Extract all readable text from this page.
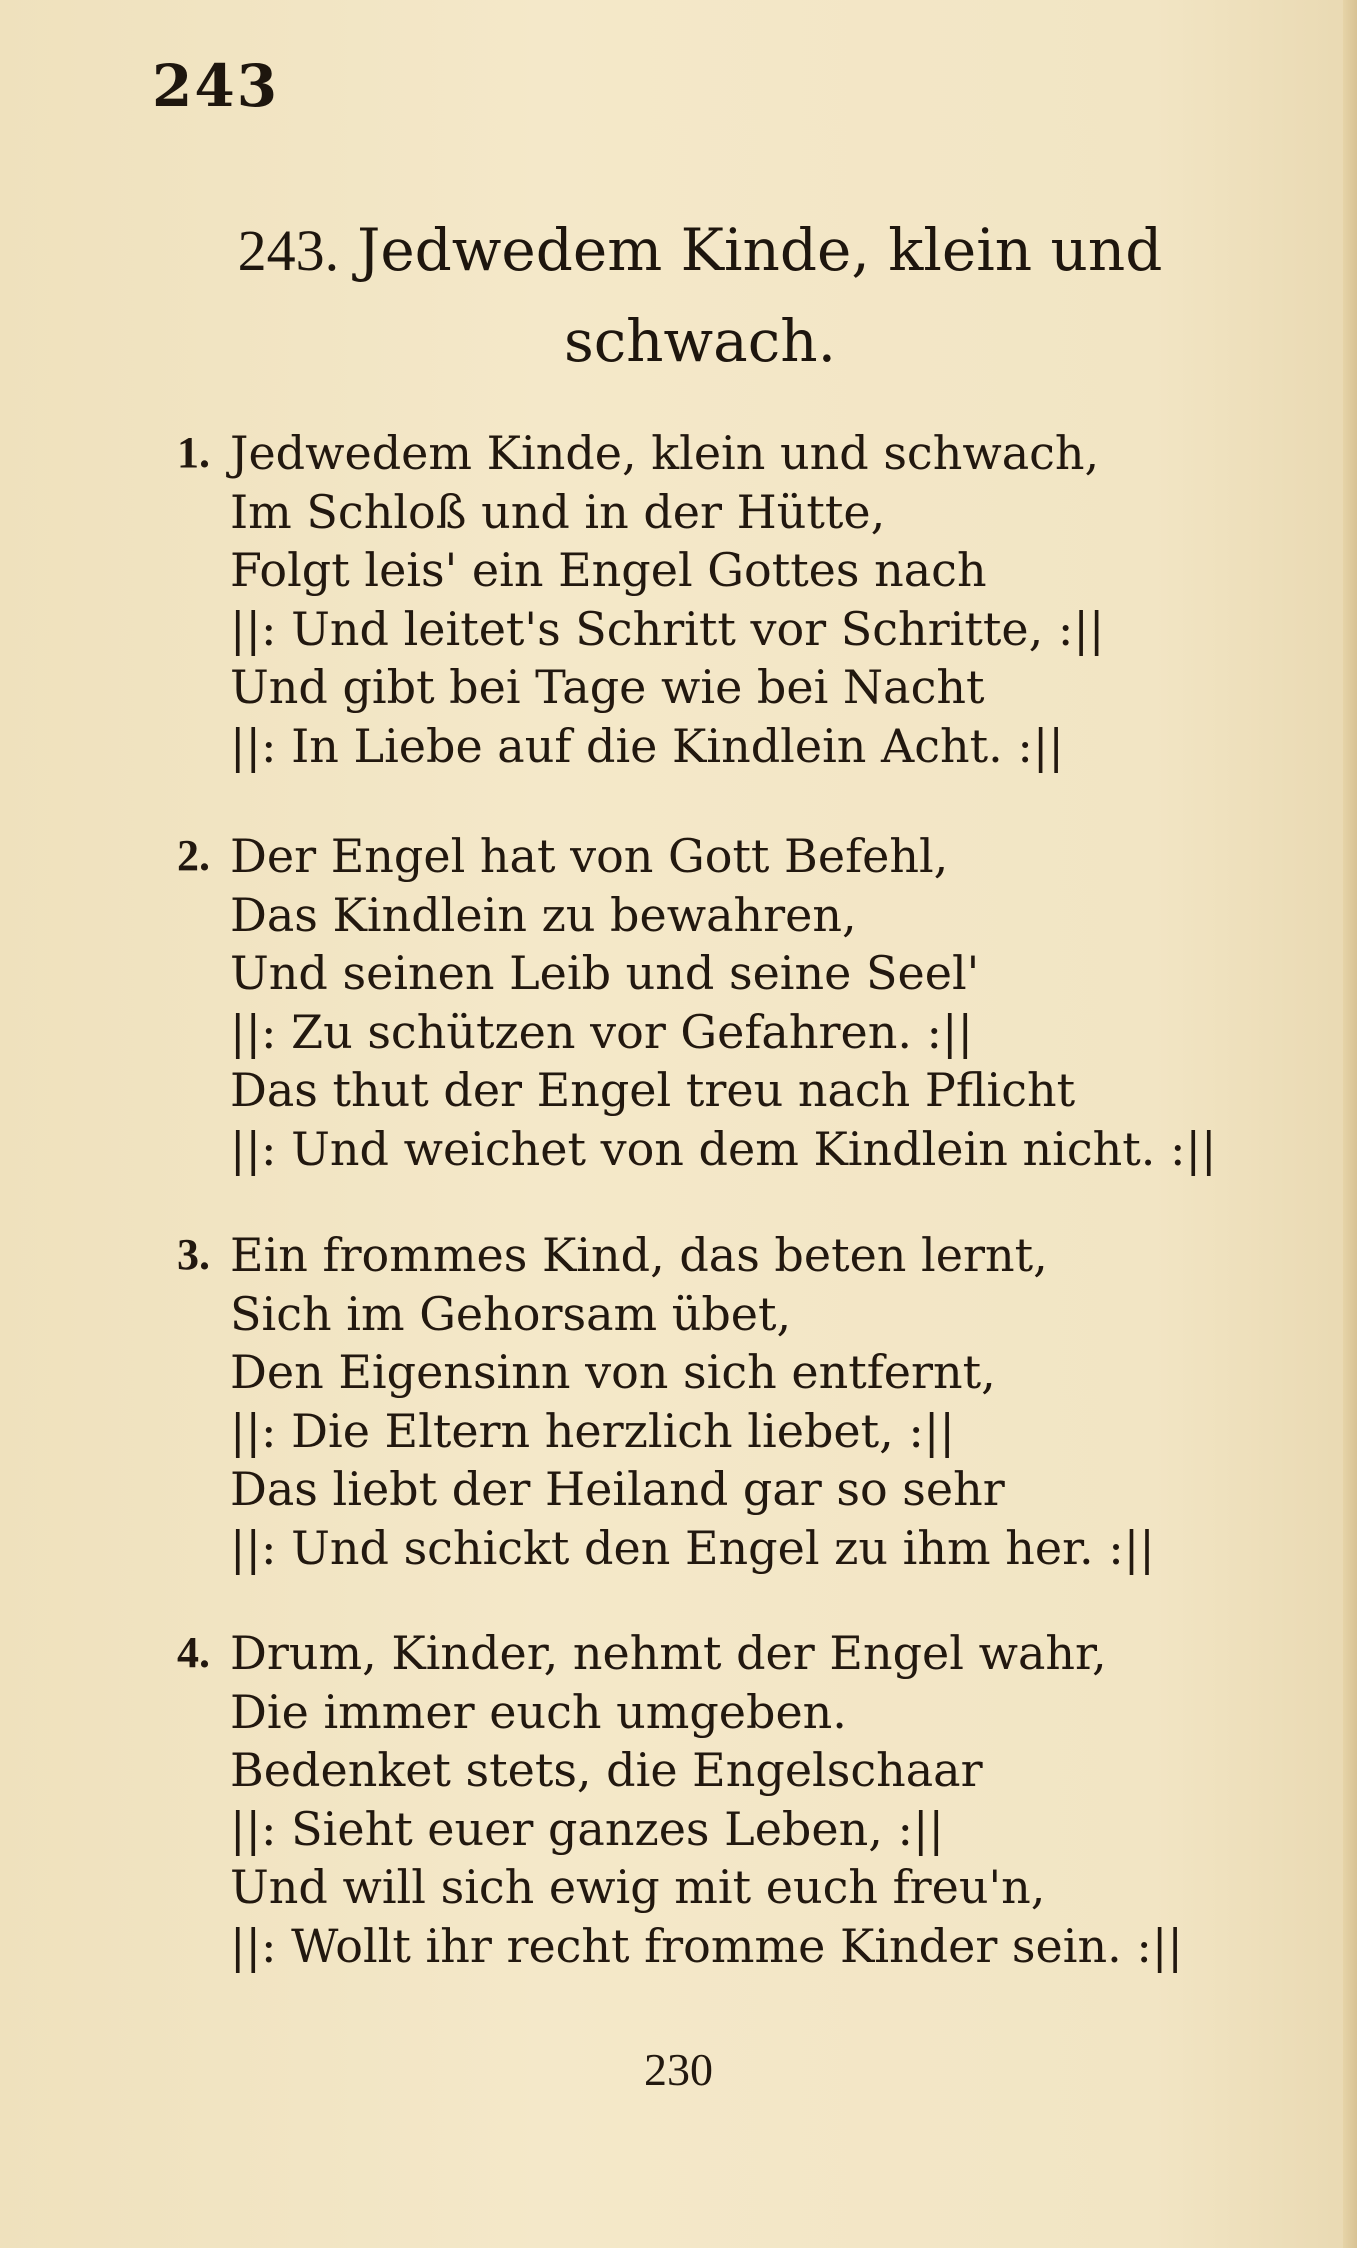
243
243. Jedwedem Kinde, klein und
schwach.
1. Jedwedem Kinde, klein und schwach,
Im Schloß und in der Hütte,
Folgt leis' ein Engel Gottes nach
||: Und leitet's Schritt vor Schritte, :||
Und gibt bei Tage wie bei Nacht
||: In Liebe auf die Kindlein Acht. :||
2. Der Engel hat von Gott Befehl,
Das Kindlein zu bewahren,
Und seinen Leib und seine Seel'
||: Zu schützen vor Gefahren. :||
Das thut der Engel treu nach Pflicht
||: Und weichet von dem Kindlein nicht. :||
3. Ein frommes Kind, das beten lernt,
Sich im Gehorsam übet,
Den Eigensinn von sich entfernt,
||: Die Eltern herzlich liebet, :||
Das liebt der Heiland gar so sehr
||: Und schickt den Engel zu ihm her. :||
4. Drum, Kinder, nehmt der Engel wahr,
Die immer euch umgeben.
Bedenket stets, die Engelschaar
||: Sieht euer ganzes Leben, :||
Und will sich ewig mit euch freu'n,
||: Wollt ihr recht fromme Kinder sein. :||
230
